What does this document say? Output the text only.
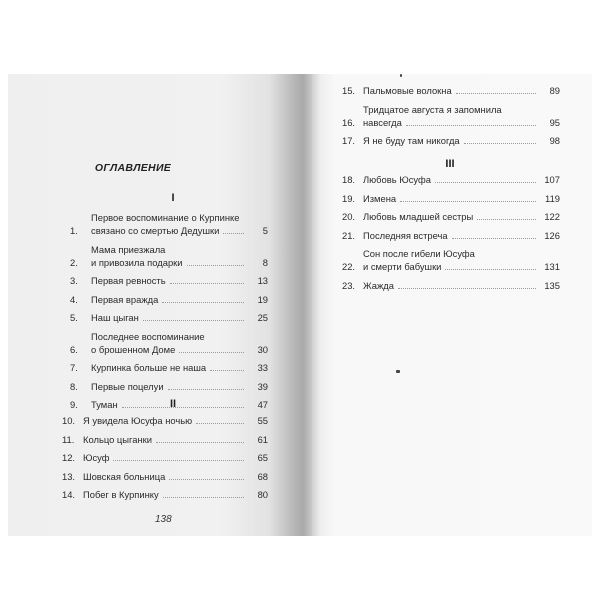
ОГЛАВЛЕНИЕ
I
1.
Первое воспоминание о Курпинке
связано со смертью Дедушки	5
2.
Мама приезжала
и привозила подарки	8
3.	Первая ревность	13
4.	Первая вражда	19
5.	Наш цыган	25
6.
Последнее воспоминание
о брошенном Доме	30
7.	Курпинка больше не наша	33
8.	Первые поцелуи	39
9.	Туман	47
II
10. Я увидела Юсуфа ночью	55
11. Кольцо цыганки	61
12. Юсуф	65
13. Шовская больница	68
14. Побег в Курпинку	80
138
15. Пальмовые волокна	89
16.
Тридцатое августа я запомнила
навсегда	95
17. Я не буду там никогда	98
III
18. Любовь Юсуфа	107
19. Измена	119
20. Любовь младшей сестры	122
21. Последняя встреча	126
22.
Сон после гибели Юсуфа
и смерти бабушки	131
23. Жажда	135
